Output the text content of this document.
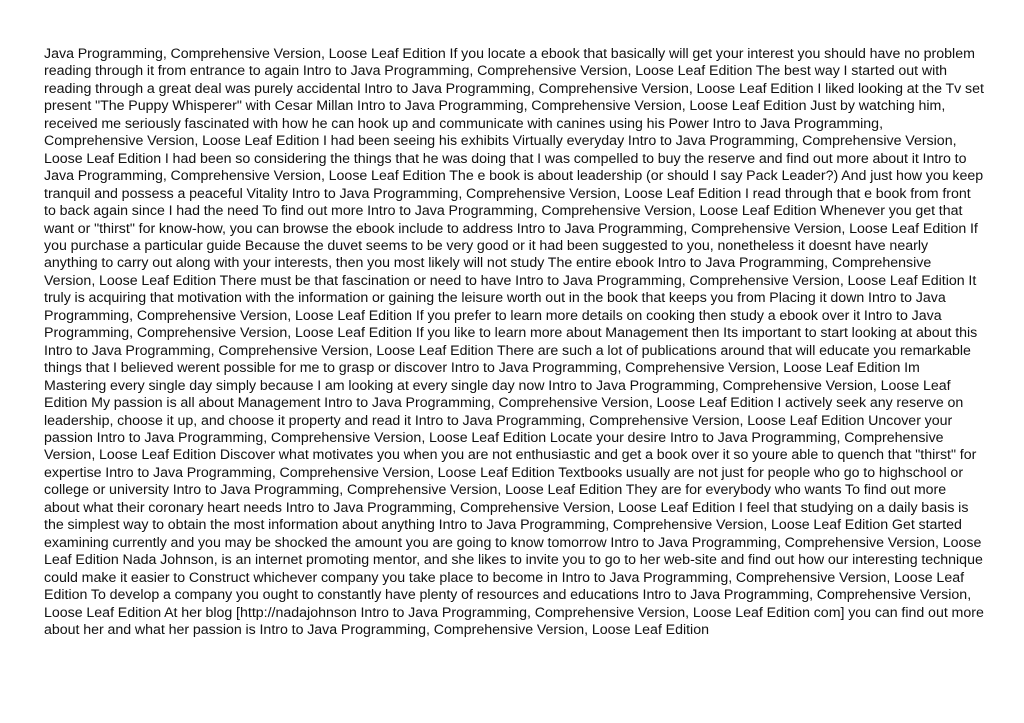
Java Programming, Comprehensive Version, Loose Leaf Edition If you locate a ebook that basically will get your interest you should have no problem reading through it from entrance to again Intro to Java Programming, Comprehensive Version, Loose Leaf Edition The best way I started out with reading through a great deal was purely accidental Intro to Java Programming, Comprehensive Version, Loose Leaf Edition I liked looking at the Tv set present "The Puppy Whisperer" with Cesar Millan Intro to Java Programming, Comprehensive Version, Loose Leaf Edition Just by watching him, received me seriously fascinated with how he can hook up and communicate with canines using his Power Intro to Java Programming, Comprehensive Version, Loose Leaf Edition I had been seeing his exhibits Virtually everyday Intro to Java Programming, Comprehensive Version, Loose Leaf Edition I had been so considering the things that he was doing that I was compelled to buy the reserve and find out more about it Intro to Java Programming, Comprehensive Version, Loose Leaf Edition The e book is about leadership (or should I say Pack Leader?) And just how you keep tranquil and possess a peaceful Vitality Intro to Java Programming, Comprehensive Version, Loose Leaf Edition I read through that e book from front to back again since I had the need To find out more Intro to Java Programming, Comprehensive Version, Loose Leaf Edition Whenever you get that want or "thirst" for know-how, you can browse the ebook include to address Intro to Java Programming, Comprehensive Version, Loose Leaf Edition If you purchase a particular guide Because the duvet seems to be very good or it had been suggested to you, nonetheless it doesnt have nearly anything to carry out along with your interests, then you most likely will not study The entire ebook Intro to Java Programming, Comprehensive Version, Loose Leaf Edition There must be that fascination or need to have Intro to Java Programming, Comprehensive Version, Loose Leaf Edition It truly is acquiring that motivation with the information or gaining the leisure worth out in the book that keeps you from Placing it down Intro to Java Programming, Comprehensive Version, Loose Leaf Edition If you prefer to learn more details on cooking then study a ebook over it Intro to Java Programming, Comprehensive Version, Loose Leaf Edition If you like to learn more about Management then Its important to start looking at about this Intro to Java Programming, Comprehensive Version, Loose Leaf Edition There are such a lot of publications around that will educate you remarkable things that I believed werent possible for me to grasp or discover Intro to Java Programming, Comprehensive Version, Loose Leaf Edition Im Mastering every single day simply because I am looking at every single day now Intro to Java Programming, Comprehensive Version, Loose Leaf Edition My passion is all about Management Intro to Java Programming, Comprehensive Version, Loose Leaf Edition I actively seek any reserve on leadership, choose it up, and choose it property and read it Intro to Java Programming, Comprehensive Version, Loose Leaf Edition Uncover your passion Intro to Java Programming, Comprehensive Version, Loose Leaf Edition Locate your desire Intro to Java Programming, Comprehensive Version, Loose Leaf Edition Discover what motivates you when you are not enthusiastic and get a book over it so youre able to quench that "thirst" for expertise Intro to Java Programming, Comprehensive Version, Loose Leaf Edition Textbooks usually are not just for people who go to highschool or college or university Intro to Java Programming, Comprehensive Version, Loose Leaf Edition They are for everybody who wants To find out more about what their coronary heart needs Intro to Java Programming, Comprehensive Version, Loose Leaf Edition I feel that studying on a daily basis is the simplest way to obtain the most information about anything Intro to Java Programming, Comprehensive Version, Loose Leaf Edition Get started examining currently and you may be shocked the amount you are going to know tomorrow Intro to Java Programming, Comprehensive Version, Loose Leaf Edition Nada Johnson, is an internet promoting mentor, and she likes to invite you to go to her web-site and find out how our interesting technique could make it easier to Construct whichever company you take place to become in Intro to Java Programming, Comprehensive Version, Loose Leaf Edition To develop a company you ought to constantly have plenty of resources and educations Intro to Java Programming, Comprehensive Version, Loose Leaf Edition At her blog [http://nadajohnson Intro to Java Programming, Comprehensive Version, Loose Leaf Edition com] you can find out more about her and what her passion is Intro to Java Programming, Comprehensive Version, Loose Leaf Edition
